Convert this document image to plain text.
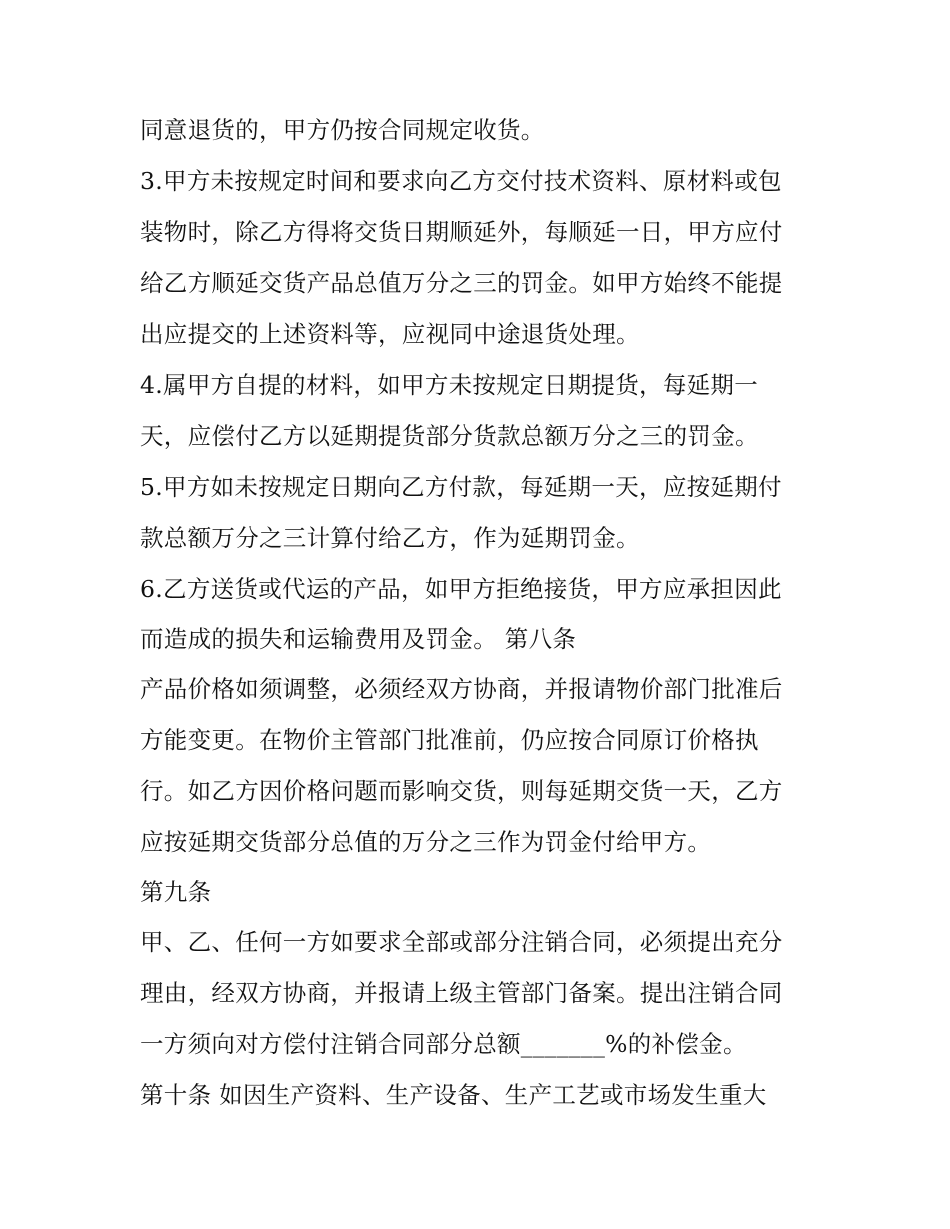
同意退货的，甲方仍按合同规定收货。
3.甲方未按规定时间和要求向乙方交付技术资料、原材料或包
装物时，除乙方得将交货日期顺延外，每顺延一日，甲方应付
给乙方顺延交货产品总值万分之三的罚金。如甲方始终不能提
出应提交的上述资料等，应视同中途退货处理。
4.属甲方自提的材料，如甲方未按规定日期提货，每延期一
天，应偿付乙方以延期提货部分货款总额万分之三的罚金。
5.甲方如未按规定日期向乙方付款，每延期一天，应按延期付
款总额万分之三计算付给乙方，作为延期罚金。
6.乙方送货或代运的产品，如甲方拒绝接货，甲方应承担因此
而造成的损失和运输费用及罚金。 第八条
产品价格如须调整，必须经双方协商，并报请物价部门批准后
方能变更。在物价主管部门批准前，仍应按合同原订价格执
行。如乙方因价格问题而影响交货，则每延期交货一天，乙方
应按延期交货部分总值的万分之三作为罚金付给甲方。
第九条
甲、乙、任何一方如要求全部或部分注销合同，必须提出充分
理由，经双方协商，并报请上级主管部门备案。提出注销合同
一方须向对方偿付注销合同部分总额_______%的补偿金。
第十条 如因生产资料、生产设备、生产工艺或市场发生重大
